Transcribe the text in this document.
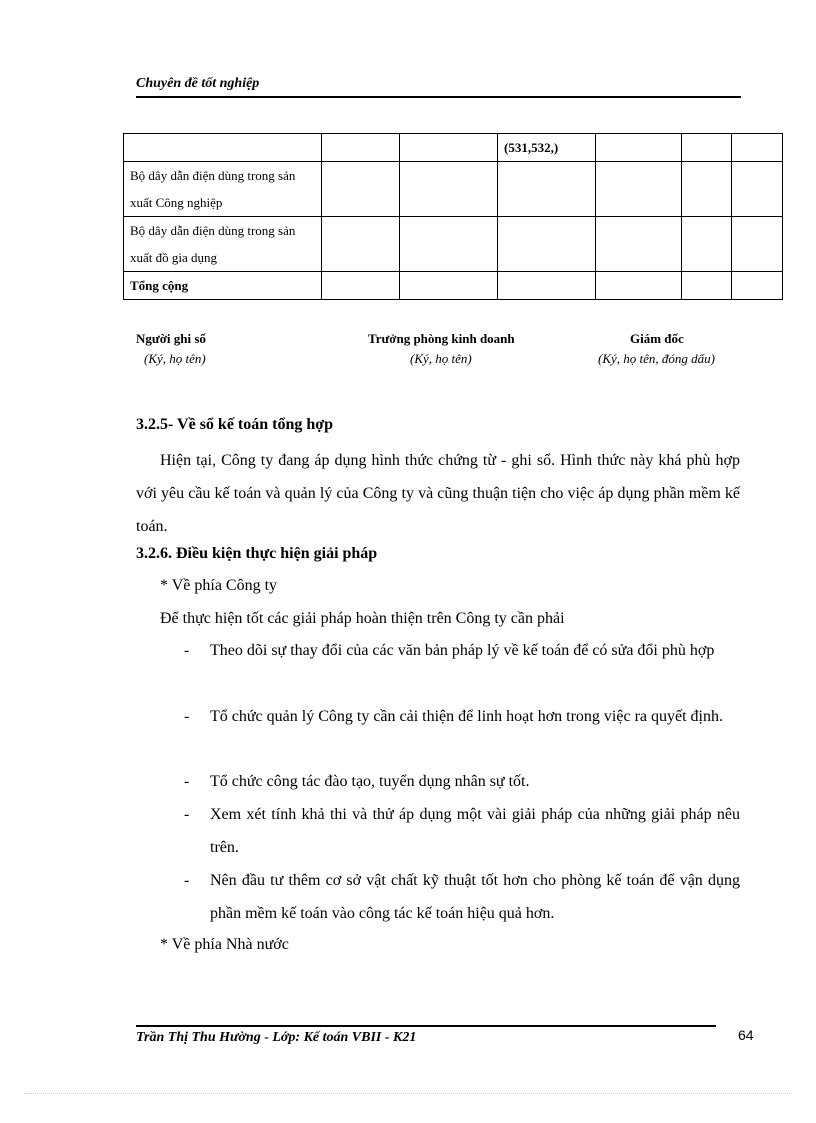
Chuyên đề tốt nghiệp
			(531,532,)			
Bộ dây dẫn điện dùng trong sản xuất Công nghiệp						
Bộ dây dẫn điện dùng trong sản xuất đồ gia dụng						
Tổng cộng						
Người ghi sổ
(Ký, họ tên)
Trưởng phòng kinh doanh
(Ký, họ tên)
Giám đốc
(Ký, họ tên, đóng dấu)
3.2.5- Về sổ kế toán tổng hợp
Hiện tại, Công ty đang áp dụng hình thức chứng từ - ghi sổ. Hình thức này khá phù hợp với yêu cầu kế toán và quản lý của Công ty và cũng thuận tiện cho việc áp dụng phần mềm kế toán.
3.2.6. Điều kiện thực hiện giải pháp
* Về phía Công ty
Để thực hiện tốt các giải pháp hoàn thiện trên Công ty cần phải
- Theo dõi sự thay đổi của các văn bản pháp lý về kế toán để có sửa đổi phù hợp
- Tổ chức quản lý Công ty cần cải thiện để linh hoạt hơn trong việc ra quyết định.
- Tổ chức công tác đào tạo, tuyển dụng nhân sự tốt.
- Xem xét tính khả thi và thử áp dụng một vài giải pháp của những giải pháp nêu trên.
- Nên đầu tư thêm cơ sở vật chất kỹ thuật tốt hơn cho phòng kế toán để vận dụng phần mềm kế toán vào công tác kế toán hiệu quả hơn.
* Về phía Nhà nước
Trần Thị Thu Hường - Lớp: Kế toán VBII - K21	64
